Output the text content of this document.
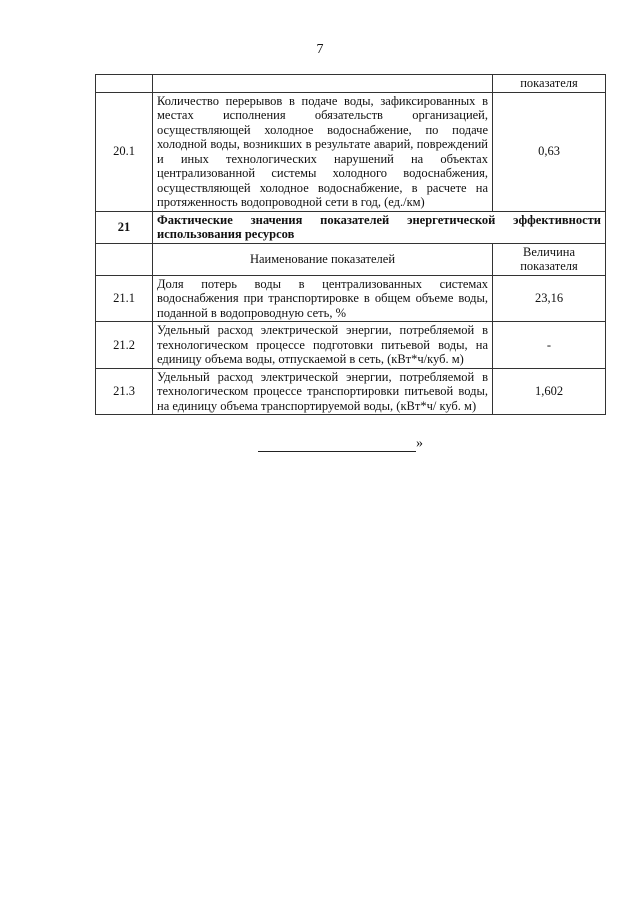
7
		показателя
20.1	Количество перерывов в подаче воды, зафиксированных в местах исполнения обязательств организацией, осуществляющей холодное водоснабжение, по подаче холодной воды, возникших в результате аварий, повреждений и иных технологических нарушений на объектах централизованной системы холодного водоснабжения, осуществляющей холодное водоснабжение, в расчете на протяженность водопроводной сети в год, (ед./км)	0,63
21	Фактические значения показателей энергетической эффективности использования ресурсов	
	Наименование показателей	Величина показателя
21.1	Доля потерь воды в централизованных системах водоснабжения при транспортировке в общем объеме воды, поданной в водопроводную сеть, %	23,16
21.2	Удельный расход электрической энергии, потребляемой в технологическом процессе подготовки питьевой воды, на единицу объема воды, отпускаемой в сеть, (кВт*ч/куб. м)	-
21.3	Удельный расход электрической энергии, потребляемой в технологическом процессе транспортировки питьевой воды, на единицу объема транспортируемой воды, (кВт*ч/ куб. м)	1,602
»
